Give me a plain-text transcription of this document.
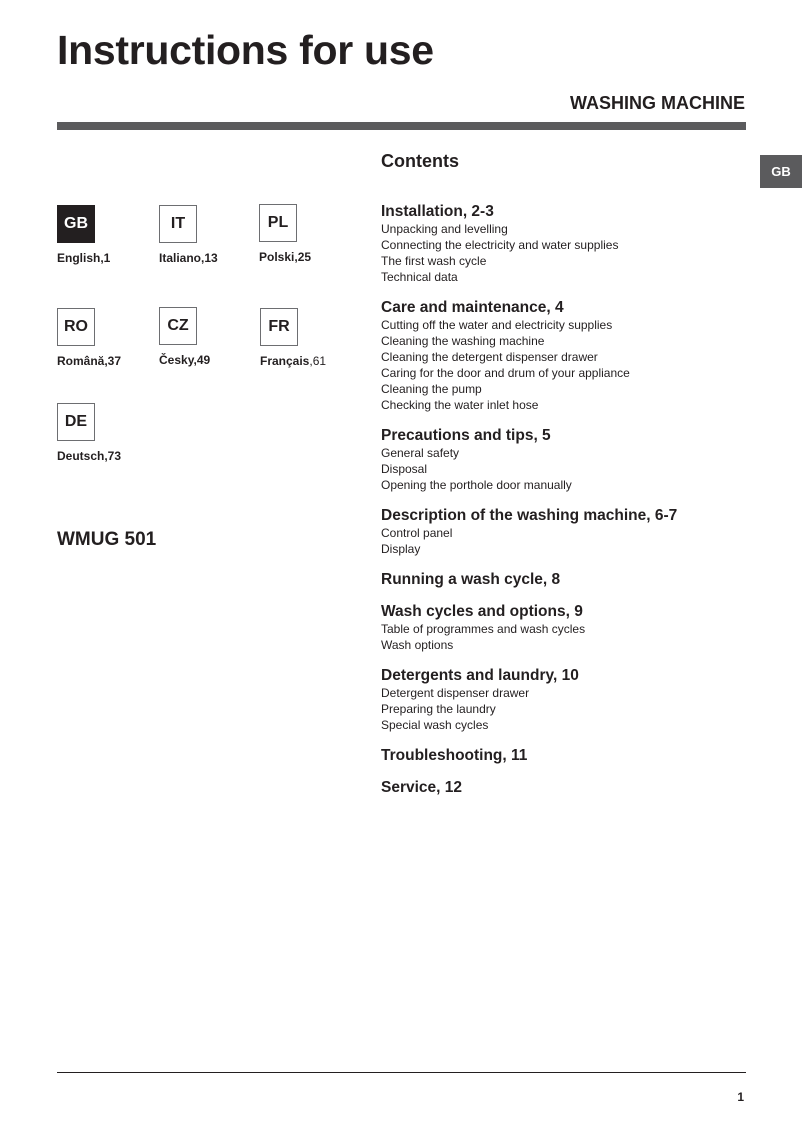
Instructions for use
WASHING MACHINE
GB
GB
English,1
IT
Italiano,13
PL
Polski,25
RO
Română,37
CZ
Česky,49
FR
Français,61
DE
Deutsch,73
WMUG 501
Contents
Installation, 2-3
Unpacking and levelling
Connecting the electricity and water supplies
The first wash cycle
Technical data
Care and maintenance, 4
Cutting off the water and electricity supplies
Cleaning the washing machine
Cleaning the detergent dispenser drawer
Caring for the door and drum of your appliance
Cleaning the pump
Checking the water inlet hose
Precautions and tips, 5
General safety
Disposal
Opening the porthole door manually
Description of the washing machine, 6-7
Control panel
Display
Running a wash cycle, 8
Wash cycles and options, 9
Table of programmes and wash cycles
Wash options
Detergents and laundry, 10
Detergent dispenser drawer
Preparing the laundry
Special wash cycles
Troubleshooting, 11
Service, 12
1
